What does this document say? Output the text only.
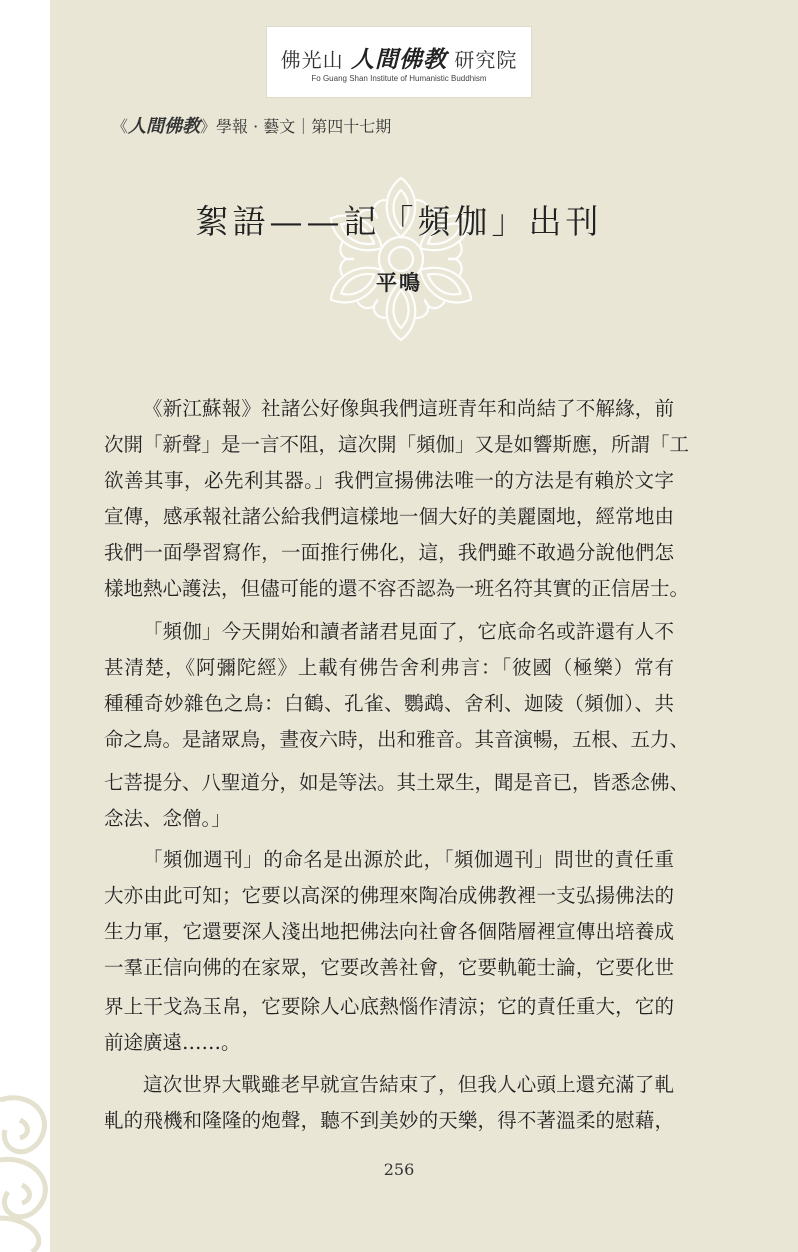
佛光山 人間佛教 研究院
Fo Guang Shan Institute of Humanistic Buddhism
《人間佛教》學報 · 藝文｜第四十七期
絮語——記「頻伽」出刊
平鳴
《新江蘇報》社諸公好像與我們這班青年和尚結了不解緣，前
次開「新聲」是一言不阻，這次開「頻伽」又是如響斯應，所謂「工
欲善其事，必先利其器。」我們宣揚佛法唯一的方法是有賴於文字
宣傳，感承報社諸公給我們這樣地一個大好的美麗園地，經常地由
我們一面學習寫作，一面推行佛化，這，我們雖不敢過分說他們怎
樣地熱心護法，但儘可能的還不容否認為一班名符其實的正信居士。
「頻伽」今天開始和讀者諸君見面了，它底命名或許還有人不
甚清楚，《阿彌陀經》上載有佛告舍利弗言：「彼國（極樂）常有
種種奇妙雜色之鳥：白鶴、孔雀、鸚鵡、舍利、迦陵（頻伽）、共
命之鳥。是諸眾鳥，晝夜六時，出和雅音。其音演暢，五根、五力、
七菩提分、八聖道分，如是等法。其土眾生，聞是音已，皆悉念佛、
念法、念僧。」
「頻伽週刊」的命名是出源於此，「頻伽週刊」問世的責任重
大亦由此可知；它要以高深的佛理來陶冶成佛教裡一支弘揚佛法的
生力軍，它還要深人淺出地把佛法向社會各個階層裡宣傳出培養成
一羣正信向佛的在家眾，它要改善社會，它要軌範士論，它要化世
界上干戈為玉帛，它要除人心底熱惱作清涼；它的責任重大，它的
前途廣遠……。
這次世界大戰雖老早就宣告結束了，但我人心頭上還充滿了軋
軋的飛機和隆隆的炮聲，聽不到美妙的天樂，得不著溫柔的慰藉，
256
